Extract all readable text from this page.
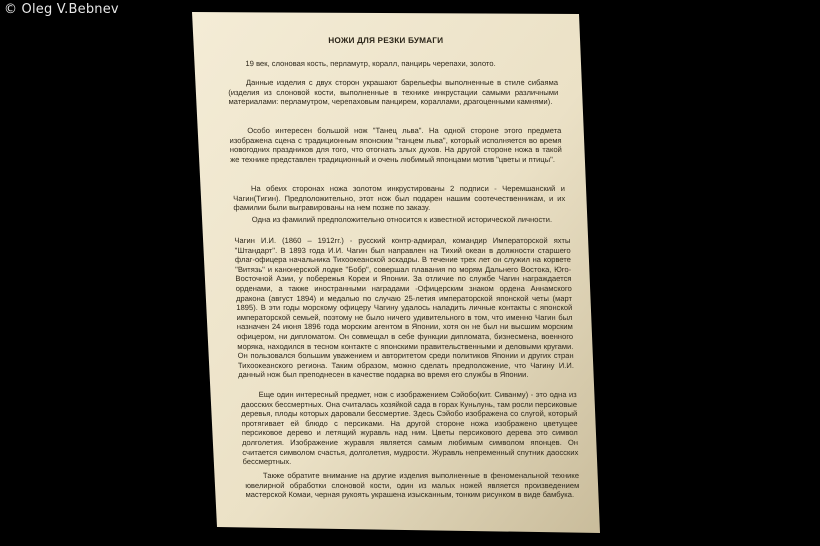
© Oleg V.Bebnev
НОЖИ ДЛЯ РЕЗКИ БУМАГИ
19 век, слоновая кость, перламутр, коралл, панцирь черепахи, золото.
Данные изделия с двух сторон украшают барельефы выполненные в стиле сибаяма (изделия из слоновой кости, выполненные в технике инкрустации самыми различными материалами: перламутром, черепаховым панцирем, кораллами, драгоценными камнями).
Особо интересен большой нож "Танец льва". На одной стороне этого предмета изображена сцена с традиционным японским "танцем льва", который исполняется во время новогодних праздников для того, что отогнать злых духов. На другой стороне ножа в такой же технике представлен традиционный и очень любимый японцами мотив "цветы и птицы".
На обеих сторонах ножа золотом инкрустированы 2 подписи - Черемшанский и Чагин(Тигин). Предположительно, этот нож был подарен нашим соотечественникам, и их фамилии были выгравированы на нем позже по заказу.
Одна из фамилий предположительно относится к известной исторической личности.
Чагин И.И. (1860 – 1912гг.) - русский контр-адмирал, командир Императорской яхты "Штандарт". В 1893 года И.И. Чагин был направлен на Тихий океан в должности старшего флаг-офицера начальника Тихоокеанской эскадры. В течение трех лет он служил на корвете "Витязь" и канонерской лодке "Бобр", совершал плавания по морям Дальнего Востока, Юго-Восточной Азии, у побережья Кореи и Японии. За отличие по службе Чагин награждается орденами, а также иностранными наградами -Офицерским знаком ордена Аннамского дракона (август 1894) и медалью по случаю 25-летия императорской японской четы (март 1895). В эти годы морскому офицеру Чагину удалось наладить личные контакты с японской императорской семьей, поэтому не было ничего удивительного в том, что именно Чагин был назначен 24 июня 1896 года морским агентом в Японии, хотя он не был ни высшим морским офицером, ни дипломатом. Он совмещал в себе функции дипломата, бизнесмена, военного моряка, находился в тесном контакте с японскими правительственными и деловыми кругами. Он пользовался большим уважением и авторитетом среди политиков Японии и других стран Тихоокеанского региона. Таким образом, можно сделать предположение, что Чагину И.И. данный нож был преподнесен в качестве подарка во время его службы в Японии.
Еще один интересный предмет, нож с изображением Сэйобо(кит. Сиванму) - это одна из даосских бессмертных. Она считалась хозяйкой сада в горах Куньлунь, там росли персиковые деревья, плоды которых даровали бессмертие. Здесь Сэйобо изображена со слугой, который протягивает ей блюдо с персиками. На другой стороне ножа изображено цветущее персиковое дерево и летящий журавль над ним. Цветы персикового дерева это символ долголетия. Изображение журавля является самым любимым символом японцев. Он считается символом счастья, долголетия, мудрости. Журавль непременный спутник даосских бессмертных.
Также обратите внимание на другие изделия выполненные в феноменальной технике ювелирной обработки слоновой кости, один из малых ножей является произведением мастерской Комаи, черная рукоять украшена изысканным, тонким рисунком в виде бамбука.
